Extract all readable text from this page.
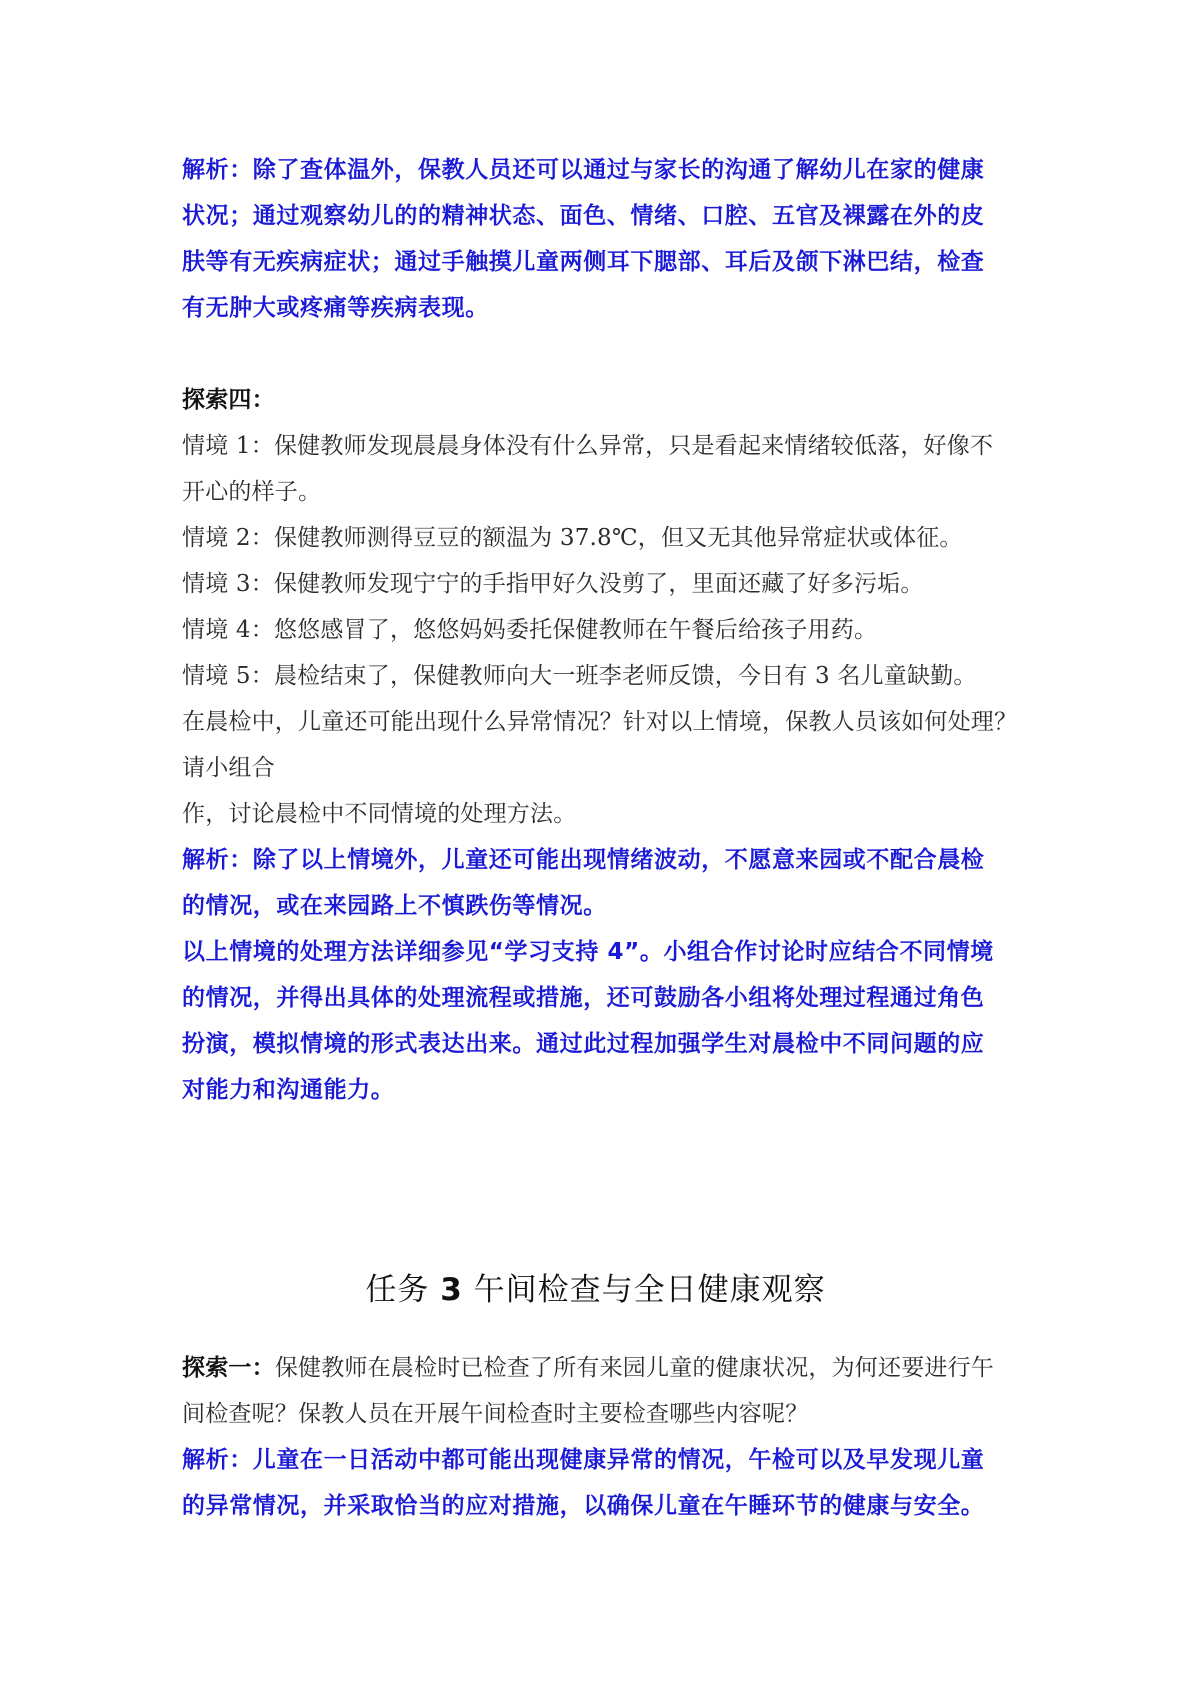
解析：除了查体温外，保教人员还可以通过与家长的沟通了解幼儿在家的健康
状况；通过观察幼儿的的精神状态、面色、情绪、口腔、五官及裸露在外的皮
肤等有无疾病症状；通过手触摸儿童两侧耳下腮部、耳后及颌下淋巴结，检查
有无肿大或疼痛等疾病表现。
探索四：
情境 1：保健教师发现晨晨身体没有什么异常，只是看起来情绪较低落，好像不
开心的样子。
情境 2：保健教师测得豆豆的额温为 37.8℃，但又无其他异常症状或体征。
情境 3：保健教师发现宁宁的手指甲好久没剪了，里面还藏了好多污垢。
情境 4：悠悠感冒了，悠悠妈妈委托保健教师在午餐后给孩子用药。
情境 5：晨检结束了，保健教师向大一班李老师反馈，今日有 3 名儿童缺勤。
在晨检中，儿童还可能出现什么异常情况？针对以上情境，保教人员该如何处理？
请小组合
作，讨论晨检中不同情境的处理方法。
解析：除了以上情境外，儿童还可能出现情绪波动，不愿意来园或不配合晨检
的情况，或在来园路上不慎跌伤等情况。
以上情境的处理方法详细参见“学习支持 4”。小组合作讨论时应结合不同情境
的情况，并得出具体的处理流程或措施，还可鼓励各小组将处理过程通过角色
扮演，模拟情境的形式表达出来。通过此过程加强学生对晨检中不同问题的应
对能力和沟通能力。
任务 3 午间检查与全日健康观察
探索一：保健教师在晨检时已检查了所有来园儿童的健康状况，为何还要进行午
间检查呢？保教人员在开展午间检查时主要检查哪些内容呢？
解析：儿童在一日活动中都可能出现健康异常的情况，午检可以及早发现儿童
的异常情况，并采取恰当的应对措施，以确保儿童在午睡环节的健康与安全。
